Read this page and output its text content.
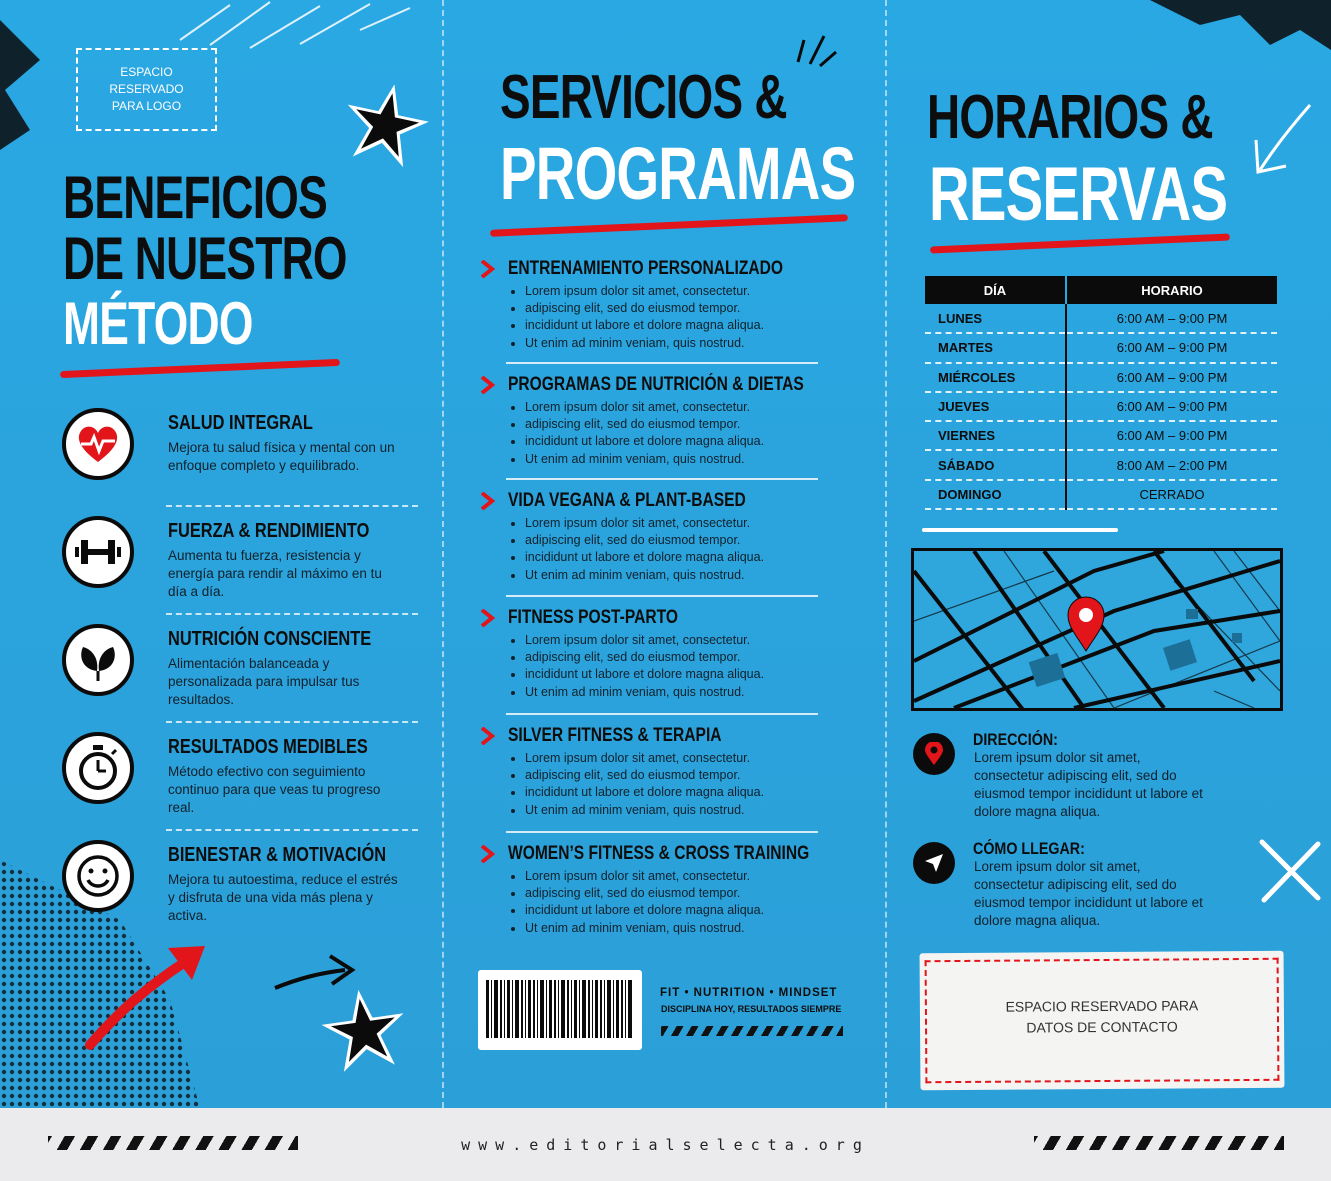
ESPACIO
RESERVADO
PARA LOGO
BENEFICIOS
DE NUESTRO
MÉTODO
SALUD INTEGRAL
Mejora tu salud física y mental con un enfoque completo y equilibrado.
FUERZA & RENDIMIENTO
Aumenta tu fuerza, resistencia y energía para rendir al máximo en tu día a día.
NUTRICIÓN CONSCIENTE
Alimentación balanceada y personalizada para impulsar tus resultados.
RESULTADOS MEDIBLES
Método efectivo con seguimiento continuo para que veas tu progreso real.
BIENESTAR & MOTIVACIÓN
Mejora tu autoestima, reduce el estrés y disfruta de una vida más plena y activa.
SERVICIOS &
PROGRAMAS
ENTRENAMIENTO PERSONALIZADO
• Lorem ipsum dolor sit amet, consectetur.
• adipiscing elit, sed do eiusmod tempor.
• incididunt ut labore et dolore magna aliqua.
• Ut enim ad minim veniam, quis nostrud.
PROGRAMAS DE NUTRICIÓN & DIETAS
• Lorem ipsum dolor sit amet, consectetur.
• adipiscing elit, sed do eiusmod tempor.
• incididunt ut labore et dolore magna aliqua.
• Ut enim ad minim veniam, quis nostrud.
VIDA VEGANA & PLANT-BASED
• Lorem ipsum dolor sit amet, consectetur.
• adipiscing elit, sed do eiusmod tempor.
• incididunt ut labore et dolore magna aliqua.
• Ut enim ad minim veniam, quis nostrud.
FITNESS POST-PARTO
• Lorem ipsum dolor sit amet, consectetur.
• adipiscing elit, sed do eiusmod tempor.
• incididunt ut labore et dolore magna aliqua.
• Ut enim ad minim veniam, quis nostrud.
SILVER FITNESS & TERAPIA
• Lorem ipsum dolor sit amet, consectetur.
• adipiscing elit, sed do eiusmod tempor.
• incididunt ut labore et dolore magna aliqua.
• Ut enim ad minim veniam, quis nostrud.
WOMEN’S FITNESS & CROSS TRAINING
• Lorem ipsum dolor sit amet, consectetur.
• adipiscing elit, sed do eiusmod tempor.
• incididunt ut labore et dolore magna aliqua.
• Ut enim ad minim veniam, quis nostrud.
FIT • NUTRITION • MINDSET
DISCIPLINA HOY, RESULTADOS SIEMPRE
HORARIOS &
RESERVAS
DÍA	HORARIO
LUNES	6:00 AM – 9:00 PM
MARTES	6:00 AM – 9:00 PM
MIÉRCOLES	6:00 AM – 9:00 PM
JUEVES	6:00 AM – 9:00 PM
VIERNES	6:00 AM – 9:00 PM
SÁBADO	8:00 AM – 2:00 PM
DOMINGO	CERRADO
DIRECCIÓN:
Lorem ipsum dolor sit amet, consectetur adipiscing elit, sed do eiusmod tempor incididunt ut labore et dolore magna aliqua.
CÓMO LLEGAR:
Lorem ipsum dolor sit amet, consectetur adipiscing elit, sed do eiusmod tempor incididunt ut labore et dolore magna aliqua.
ESPACIO RESERVADO PARA
DATOS DE CONTACTO
www.editorialselecta.org
